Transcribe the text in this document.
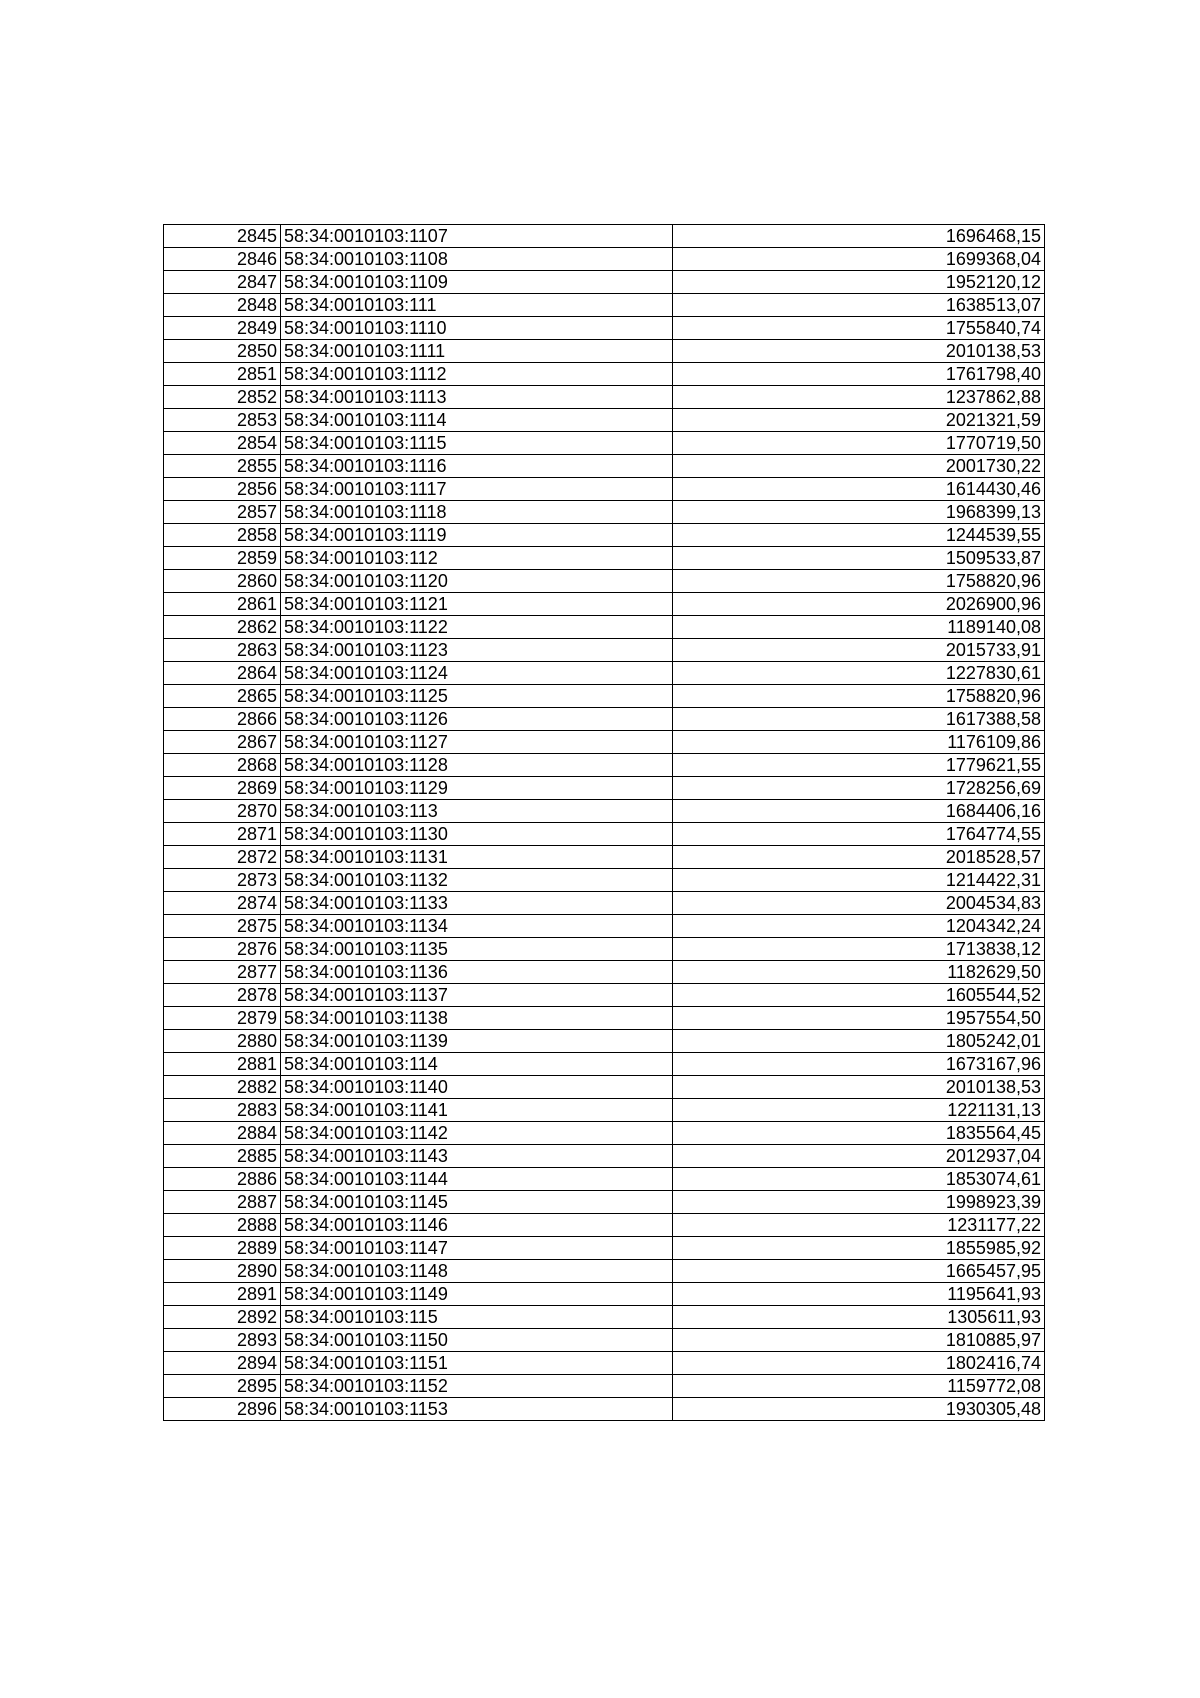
2845	58:34:0010103:1107	1696468,15
2846	58:34:0010103:1108	1699368,04
2847	58:34:0010103:1109	1952120,12
2848	58:34:0010103:111	1638513,07
2849	58:34:0010103:1110	1755840,74
2850	58:34:0010103:1111	2010138,53
2851	58:34:0010103:1112	1761798,40
2852	58:34:0010103:1113	1237862,88
2853	58:34:0010103:1114	2021321,59
2854	58:34:0010103:1115	1770719,50
2855	58:34:0010103:1116	2001730,22
2856	58:34:0010103:1117	1614430,46
2857	58:34:0010103:1118	1968399,13
2858	58:34:0010103:1119	1244539,55
2859	58:34:0010103:112	1509533,87
2860	58:34:0010103:1120	1758820,96
2861	58:34:0010103:1121	2026900,96
2862	58:34:0010103:1122	1189140,08
2863	58:34:0010103:1123	2015733,91
2864	58:34:0010103:1124	1227830,61
2865	58:34:0010103:1125	1758820,96
2866	58:34:0010103:1126	1617388,58
2867	58:34:0010103:1127	1176109,86
2868	58:34:0010103:1128	1779621,55
2869	58:34:0010103:1129	1728256,69
2870	58:34:0010103:113	1684406,16
2871	58:34:0010103:1130	1764774,55
2872	58:34:0010103:1131	2018528,57
2873	58:34:0010103:1132	1214422,31
2874	58:34:0010103:1133	2004534,83
2875	58:34:0010103:1134	1204342,24
2876	58:34:0010103:1135	1713838,12
2877	58:34:0010103:1136	1182629,50
2878	58:34:0010103:1137	1605544,52
2879	58:34:0010103:1138	1957554,50
2880	58:34:0010103:1139	1805242,01
2881	58:34:0010103:114	1673167,96
2882	58:34:0010103:1140	2010138,53
2883	58:34:0010103:1141	1221131,13
2884	58:34:0010103:1142	1835564,45
2885	58:34:0010103:1143	2012937,04
2886	58:34:0010103:1144	1853074,61
2887	58:34:0010103:1145	1998923,39
2888	58:34:0010103:1146	1231177,22
2889	58:34:0010103:1147	1855985,92
2890	58:34:0010103:1148	1665457,95
2891	58:34:0010103:1149	1195641,93
2892	58:34:0010103:115	1305611,93
2893	58:34:0010103:1150	1810885,97
2894	58:34:0010103:1151	1802416,74
2895	58:34:0010103:1152	1159772,08
2896	58:34:0010103:1153	1930305,48
